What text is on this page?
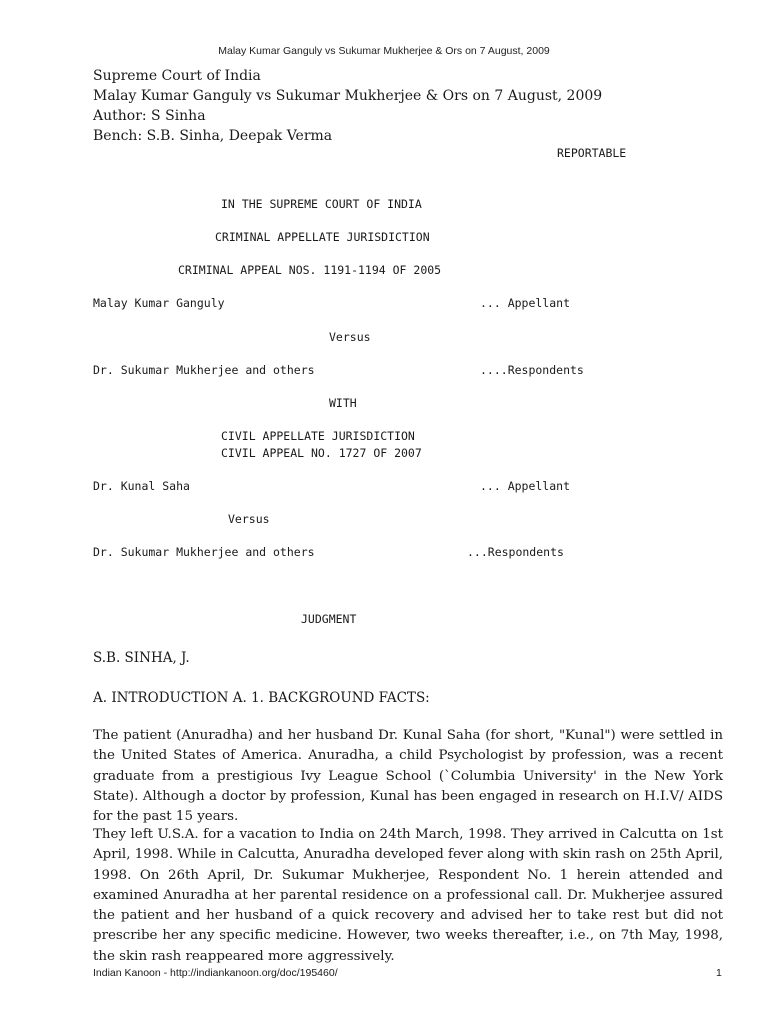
Malay Kumar Ganguly vs Sukumar Mukherjee & Ors on 7 August, 2009
Supreme Court of India
Malay Kumar Ganguly vs Sukumar Mukherjee & Ors on 7 August, 2009
Author: S Sinha
Bench: S.B. Sinha, Deepak Verma
REPORTABLE
IN THE SUPREME COURT OF INDIA
CRIMINAL APPELLATE JURISDICTION
CRIMINAL APPEAL NOS. 1191-1194 OF 2005
Malay Kumar Ganguly	... Appellant
Versus
Dr. Sukumar Mukherjee and others	....Respondents
WITH
CIVIL APPELLATE JURISDICTION
CIVIL APPEAL NO. 1727 OF 2007
Dr. Kunal Saha	... Appellant
Versus
Dr. Sukumar Mukherjee and others	...Respondents
JUDGMENT
S.B. SINHA, J.
A. INTRODUCTION A. 1. BACKGROUND FACTS:
The patient (Anuradha) and her husband Dr. Kunal Saha (for short, "Kunal") were settled in the United States of America. Anuradha, a child Psychologist by profession, was a recent graduate from a prestigious Ivy League School (`Columbia University' in the New York State). Although a doctor by profession, Kunal has been engaged in research on H.I.V/ AIDS for the past 15 years.
They left U.S.A. for a vacation to India on 24th March, 1998. They arrived in Calcutta on 1st April, 1998. While in Calcutta, Anuradha developed fever along with skin rash on 25th April, 1998. On 26th April, Dr. Sukumar Mukherjee, Respondent No. 1 herein attended and examined Anuradha at her parental residence on a professional call. Dr. Mukherjee assured the patient and her husband of a quick recovery and advised her to take rest but did not prescribe her any specific medicine. However, two weeks thereafter, i.e., on 7th May, 1998, the skin rash reappeared more aggressively.
Indian Kanoon - http://indiankanoon.org/doc/195460/	1
